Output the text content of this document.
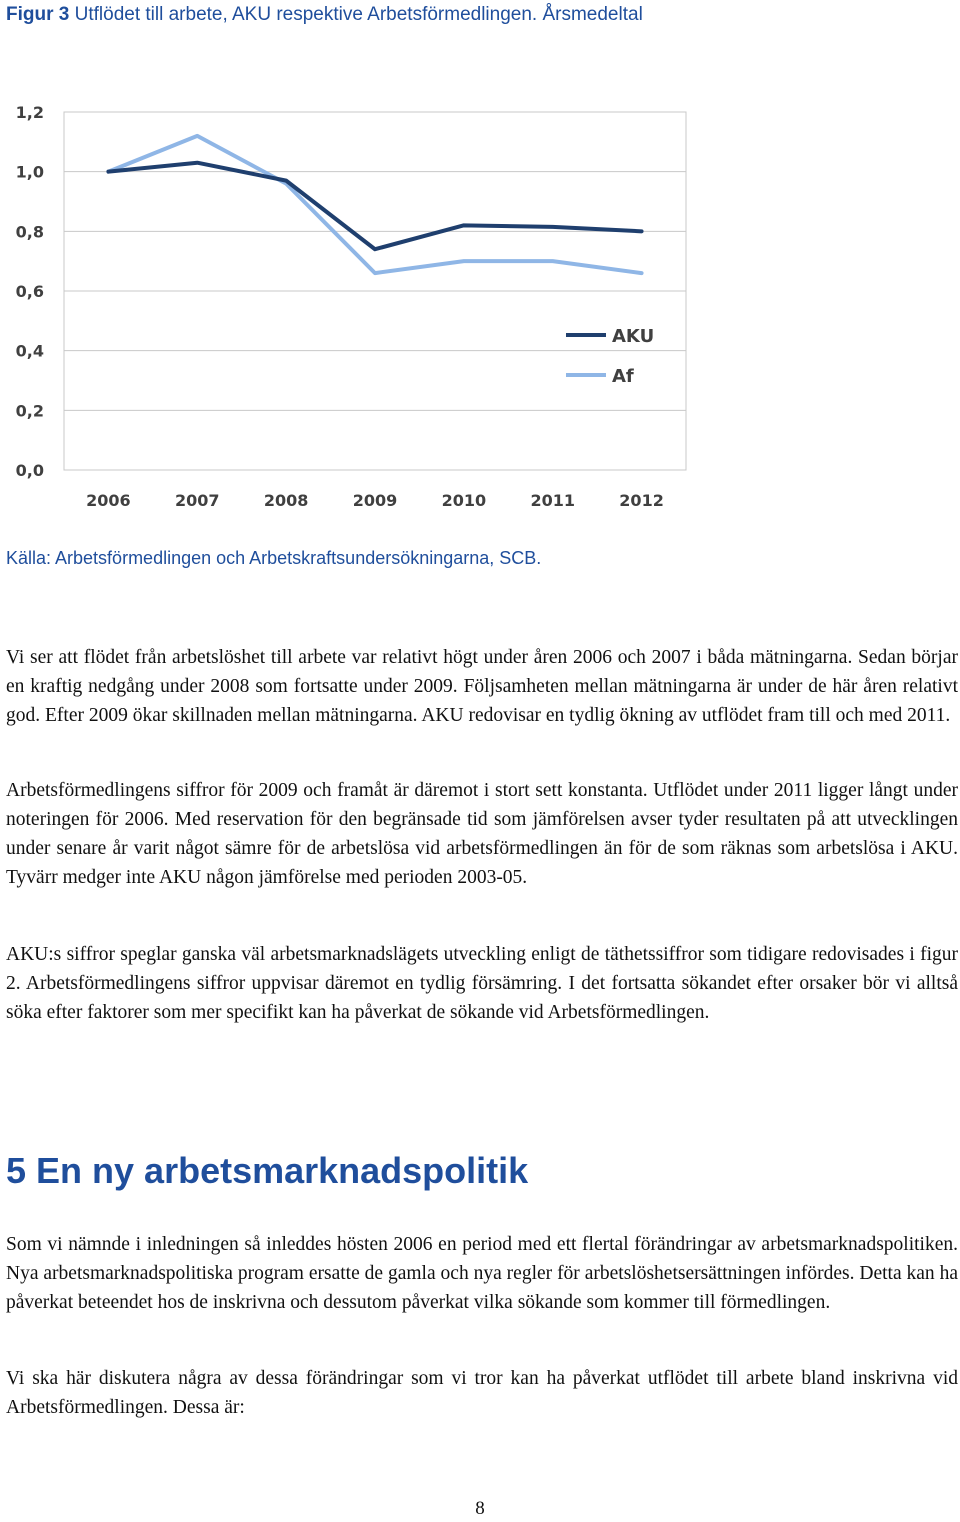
Figur 3 Utflödet till arbete, AKU respektive Arbetsförmedlingen. Årsmedeltal
0,0
0,2
0,4
0,6
0,8
1,0
1,2
2006	2007	2008	2009	2010	2011	2012
AKU
Af
Källa: Arbetsförmedlingen och Arbetskraftsundersökningarna, SCB.

Vi ser att flödet från arbetslöshet till arbete var relativt högt under åren 2006 och 2007 i båda mätningarna. Sedan börjar en kraftig nedgång under 2008 som fortsatte under 2009. Följsamheten mellan mätningarna är under de här åren relativt god. Efter 2009 ökar skillnaden mellan mätningarna. AKU redovisar en tydlig ökning av utflödet fram till och med 2011.

Arbetsförmedlingens siffror för 2009 och framåt är däremot i stort sett konstanta. Utflödet under 2011 ligger långt under noteringen för 2006. Med reservation för den begränsade tid som jämförelsen avser tyder resultaten på att utvecklingen under senare år varit något sämre för de arbetslösa vid arbetsförmedlingen än för de som räknas som arbetslösa i AKU. Tyvärr medger inte AKU någon jämförelse med perioden 2003-05.

AKU:s siffror speglar ganska väl arbetsmarknadslägets utveckling enligt de täthetssiffror som tidigare redovisades i figur 2. Arbetsförmedlingens siffror uppvisar däremot en tydlig försämring. I det fortsatta sökandet efter orsaker bör vi alltså söka efter faktorer som mer specifikt kan ha påverkat de sökande vid Arbetsförmedlingen.

5 En ny arbetsmarknadspolitik

Som vi nämnde i inledningen så inleddes hösten 2006 en period med ett flertal förändringar av arbetsmarknadspolitiken. Nya arbetsmarknadspolitiska program ersatte de gamla och nya regler för arbetslöshetsersättningen infördes. Detta kan ha påverkat beteendet hos de inskrivna och dessutom påverkat vilka sökande som kommer till förmedlingen.

Vi ska här diskutera några av dessa förändringar som vi tror kan ha påverkat utflödet till arbete bland inskrivna vid Arbetsförmedlingen. Dessa är:

8
